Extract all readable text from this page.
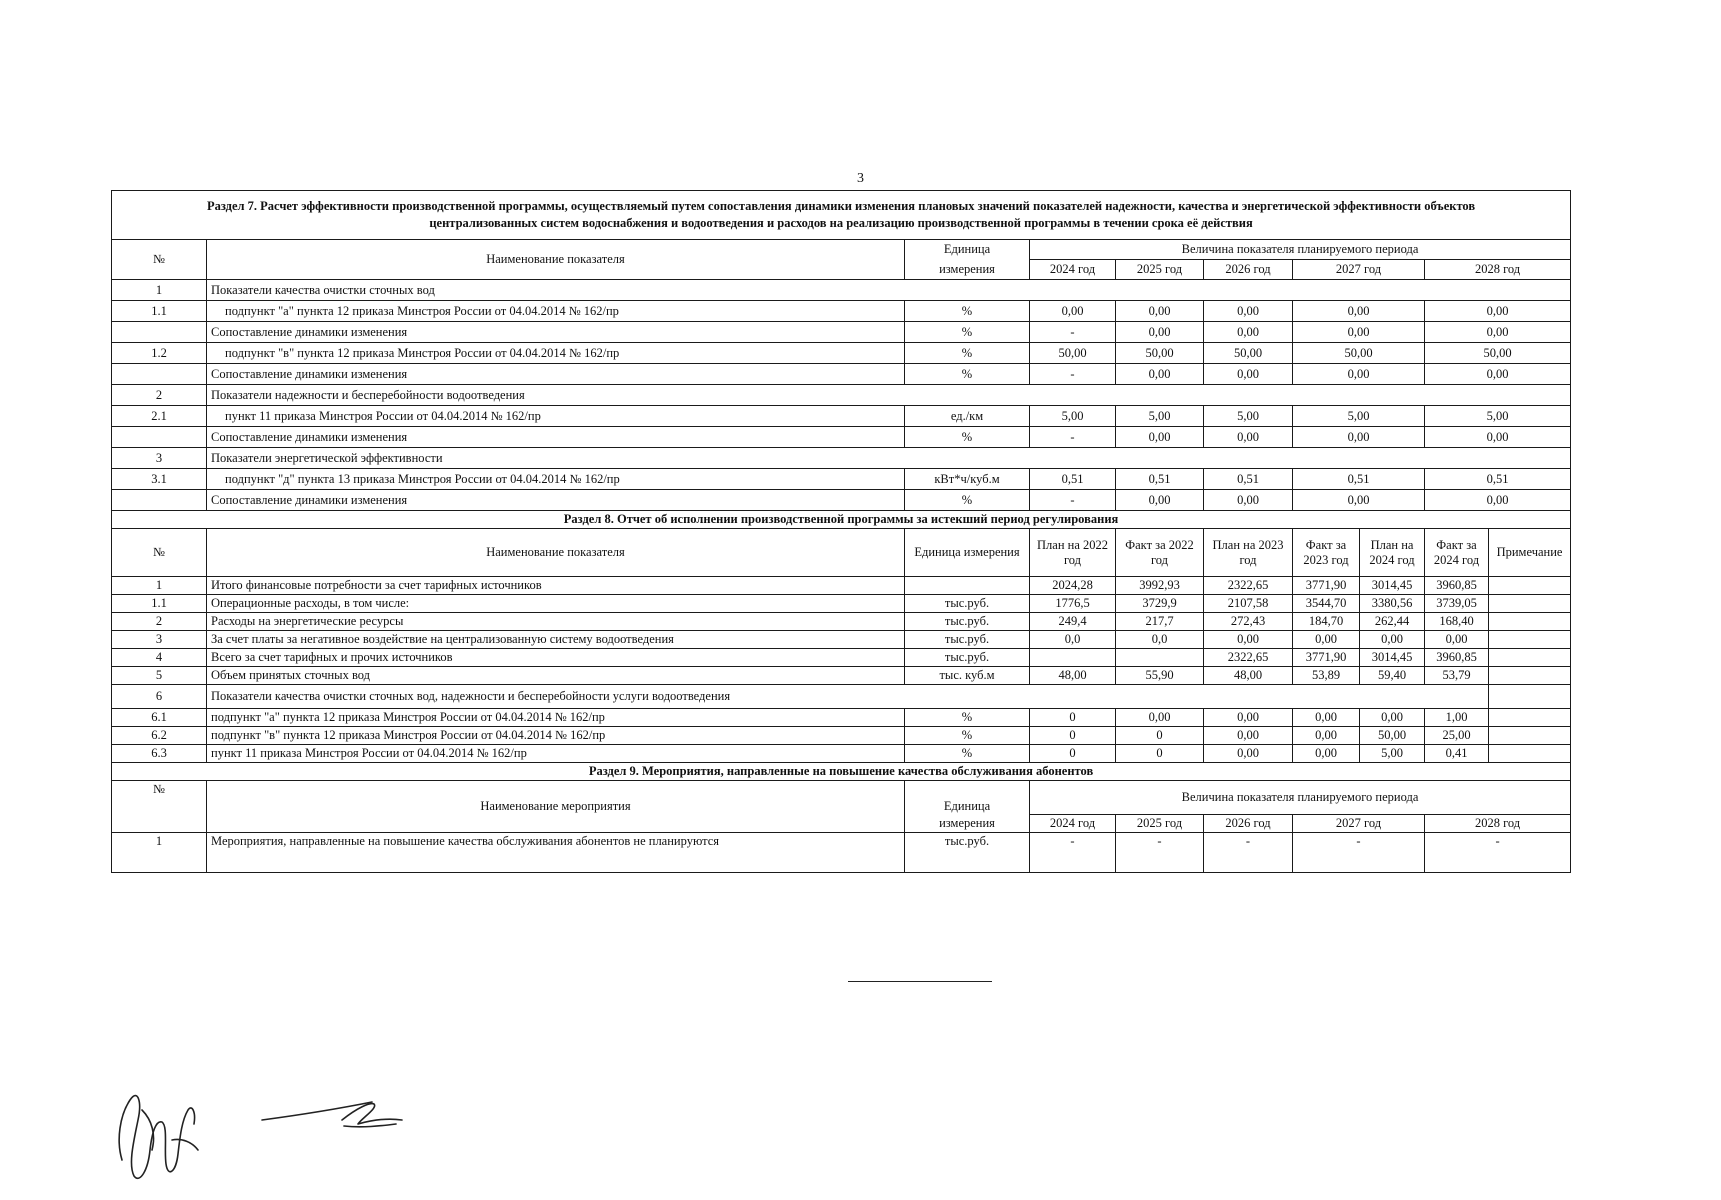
3
Раздел 7. Расчет эффективности производственной программы, осуществляемый путем сопоставления динамики изменения плановых значений показателей надежности, качества и энергетической эффективности объектов централизованных систем водоснабжения и водоотведения и расходов на реализацию производственной программы в течении срока её действия									
№	Наименование показателя	Единица	Величина показателя планируемого периода						
		измерения	2024 год	2025 год	2026 год	2027 год		2028 год	
1	Показатели качества очистки сточных вод								
1.1	подпункт "а" пункта 12 приказа Минстроя России от 04.04.2014 № 162/пр	%	0,00	0,00	0,00	0,00		0,00	
	Сопоставление динамики изменения	%	-	0,00	0,00	0,00		0,00	
1.2	подпункт "в" пункта 12 приказа Минстроя России от 04.04.2014 № 162/пр	%	50,00	50,00	50,00	50,00		50,00	
	Сопоставление динамики изменения	%	-	0,00	0,00	0,00		0,00	
2	Показатели надежности и бесперебойности водоотведения								
2.1	пункт 11 приказа Минстроя России от 04.04.2014 № 162/пр	ед./км	5,00	5,00	5,00	5,00		5,00	
	Сопоставление динамики изменения	%	-	0,00	0,00	0,00		0,00	
3	Показатели энергетической эффективности								
3.1	подпункт "д" пункта 13 приказа Минстроя России от 04.04.2014 № 162/пр	кВт*ч/куб.м	0,51	0,51	0,51	0,51		0,51	
	Сопоставление динамики изменения	%	-	0,00	0,00	0,00		0,00	
Раздел 8. Отчет об исполнении производственной программы за истекший период регулирования									
№	Наименование показателя	Единица измерения	План на 2022 год	Факт за 2022 год	План на 2023 год	Факт за 2023 год	План на 2024 год	Факт за 2024 год	Примечание
1	Итого финансовые потребности за счет тарифных источников		2024,28	3992,93	2322,65	3771,90	3014,45	3960,85	
1.1	Операционные расходы, в том числе:	тыс.руб.	1776,5	3729,9	2107,58	3544,70	3380,56	3739,05	
2	Расходы на энергетические ресурсы	тыс.руб.	249,4	217,7	272,43	184,70	262,44	168,40	
3	За счет платы за негативное воздействие на централизованную систему водоотведения	тыс.руб.	0,0	0,0	0,00	0,00	0,00	0,00	
4	Всего за счет тарифных и прочих источников	тыс.руб.			2322,65	3771,90	3014,45	3960,85	
5	Объем принятых сточных вод	тыс. куб.м	48,00	55,90	48,00	53,89	59,40	53,79	
6	Показатели качества очистки сточных вод, надежности и бесперебойности услуги водоотведения								
6.1	подпункт "а" пункта 12 приказа Минстроя России от 04.04.2014 № 162/пр	%	0	0,00	0,00	0,00	0,00	1,00	
6.2	подпункт "в" пункта 12 приказа Минстроя России от 04.04.2014 № 162/пр	%	0	0	0,00	0,00	50,00	25,00	
6.3	пункт 11 приказа Минстроя России от 04.04.2014 № 162/пр	%	0	0	0,00	0,00	5,00	0,41	
Раздел 9. Мероприятия, направленные на повышение качества обслуживания абонентов									
№	Наименование мероприятия	Единица	Величина показателя планируемого периода						
		измерения	2024 год	2025 год	2026 год	2027 год		2028 год	
1	Мероприятия, направленные на повышение качества обслуживания абонентов не планируются	тыс.руб.	-	-	-	-		-	
